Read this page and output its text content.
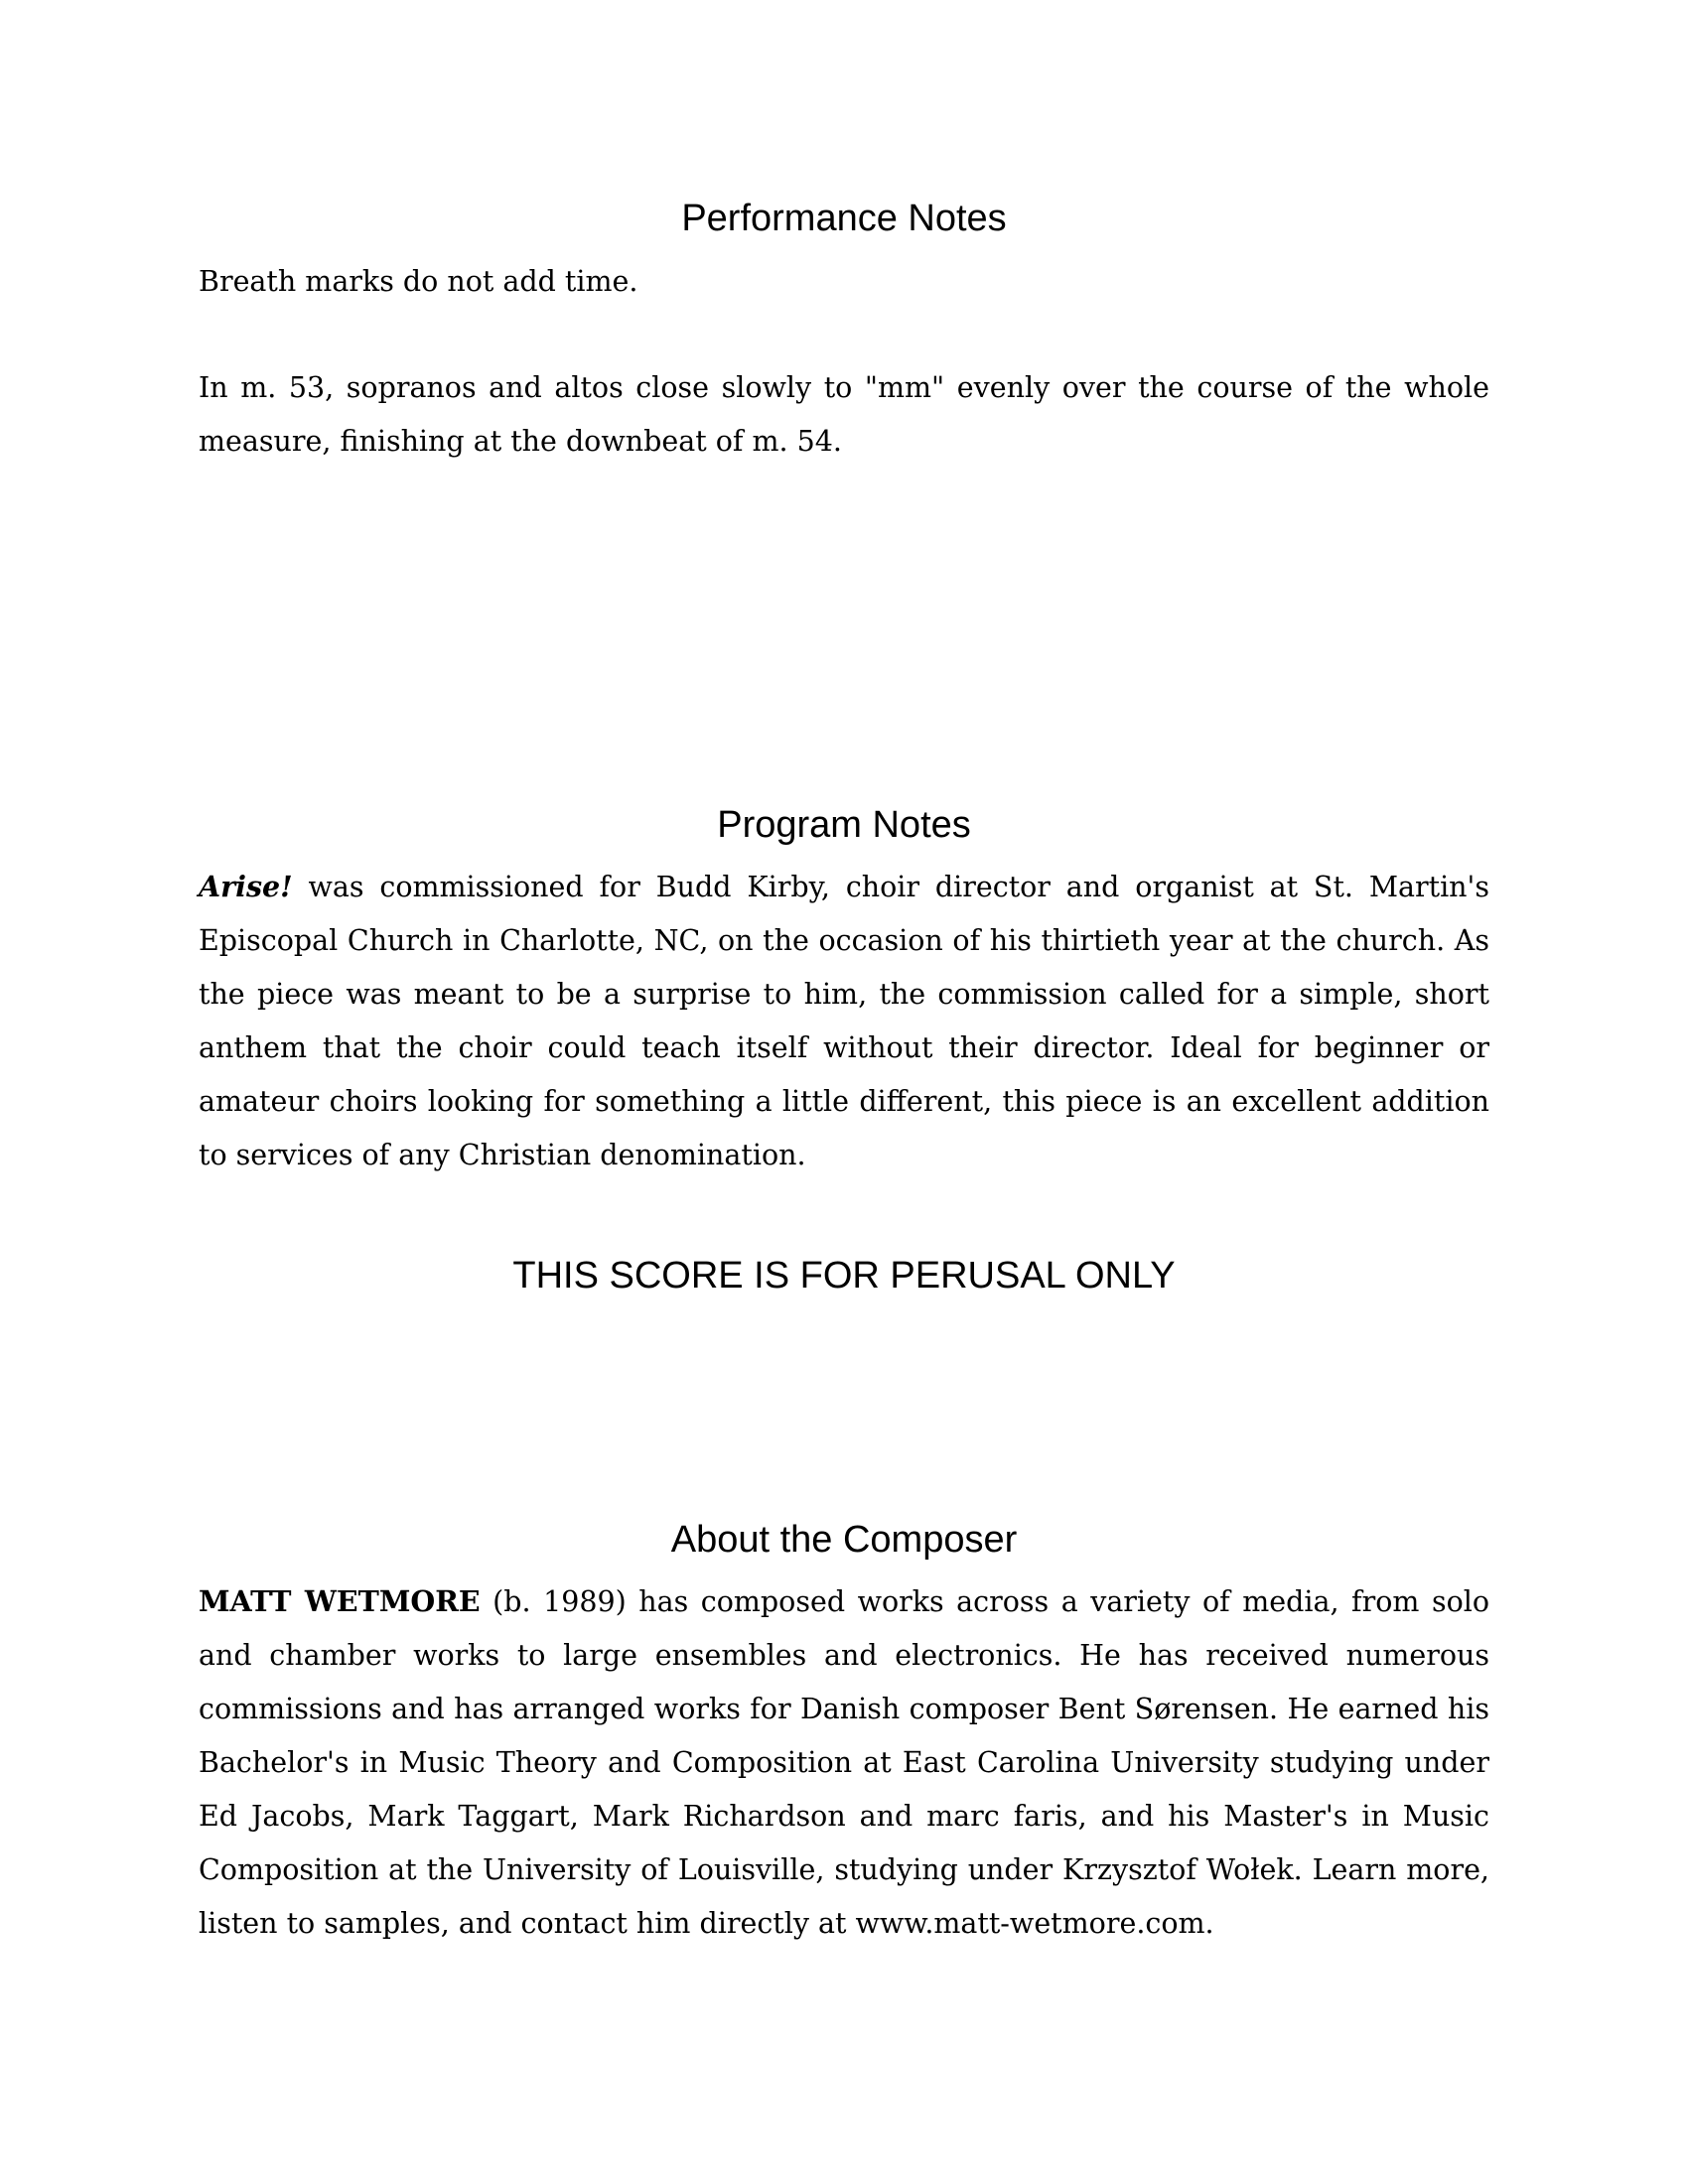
Performance Notes

Breath marks do not add time.

In m. 53, sopranos and altos close slowly to "mm" evenly over the course of the whole measure, finishing at the downbeat of m. 54.

Program Notes

Arise! was commissioned for Budd Kirby, choir director and organist at St. Martin's Episcopal Church in Charlotte, NC, on the occasion of his thirtieth year at the church. As the piece was meant to be a surprise to him, the commission called for a simple, short anthem that the choir could teach itself without their director. Ideal for beginner or amateur choirs looking for something a little different, this piece is an excellent addition to services of any Christian denomination.

THIS SCORE IS FOR PERUSAL ONLY
About the Composer

MATT WETMORE (b. 1989) has composed works across a variety of media, from solo and chamber works to large ensembles and electronics. He has received numerous commissions and has arranged works for Danish composer Bent Sørensen. He earned his Bachelor's in Music Theory and Composition at East Carolina University studying under Ed Jacobs, Mark Taggart, Mark Richardson and marc faris, and his Master's in Music Composition at the University of Louisville, studying under Krzysztof Wołek. Learn more, listen to samples, and contact him directly at www.matt-wetmore.com.
